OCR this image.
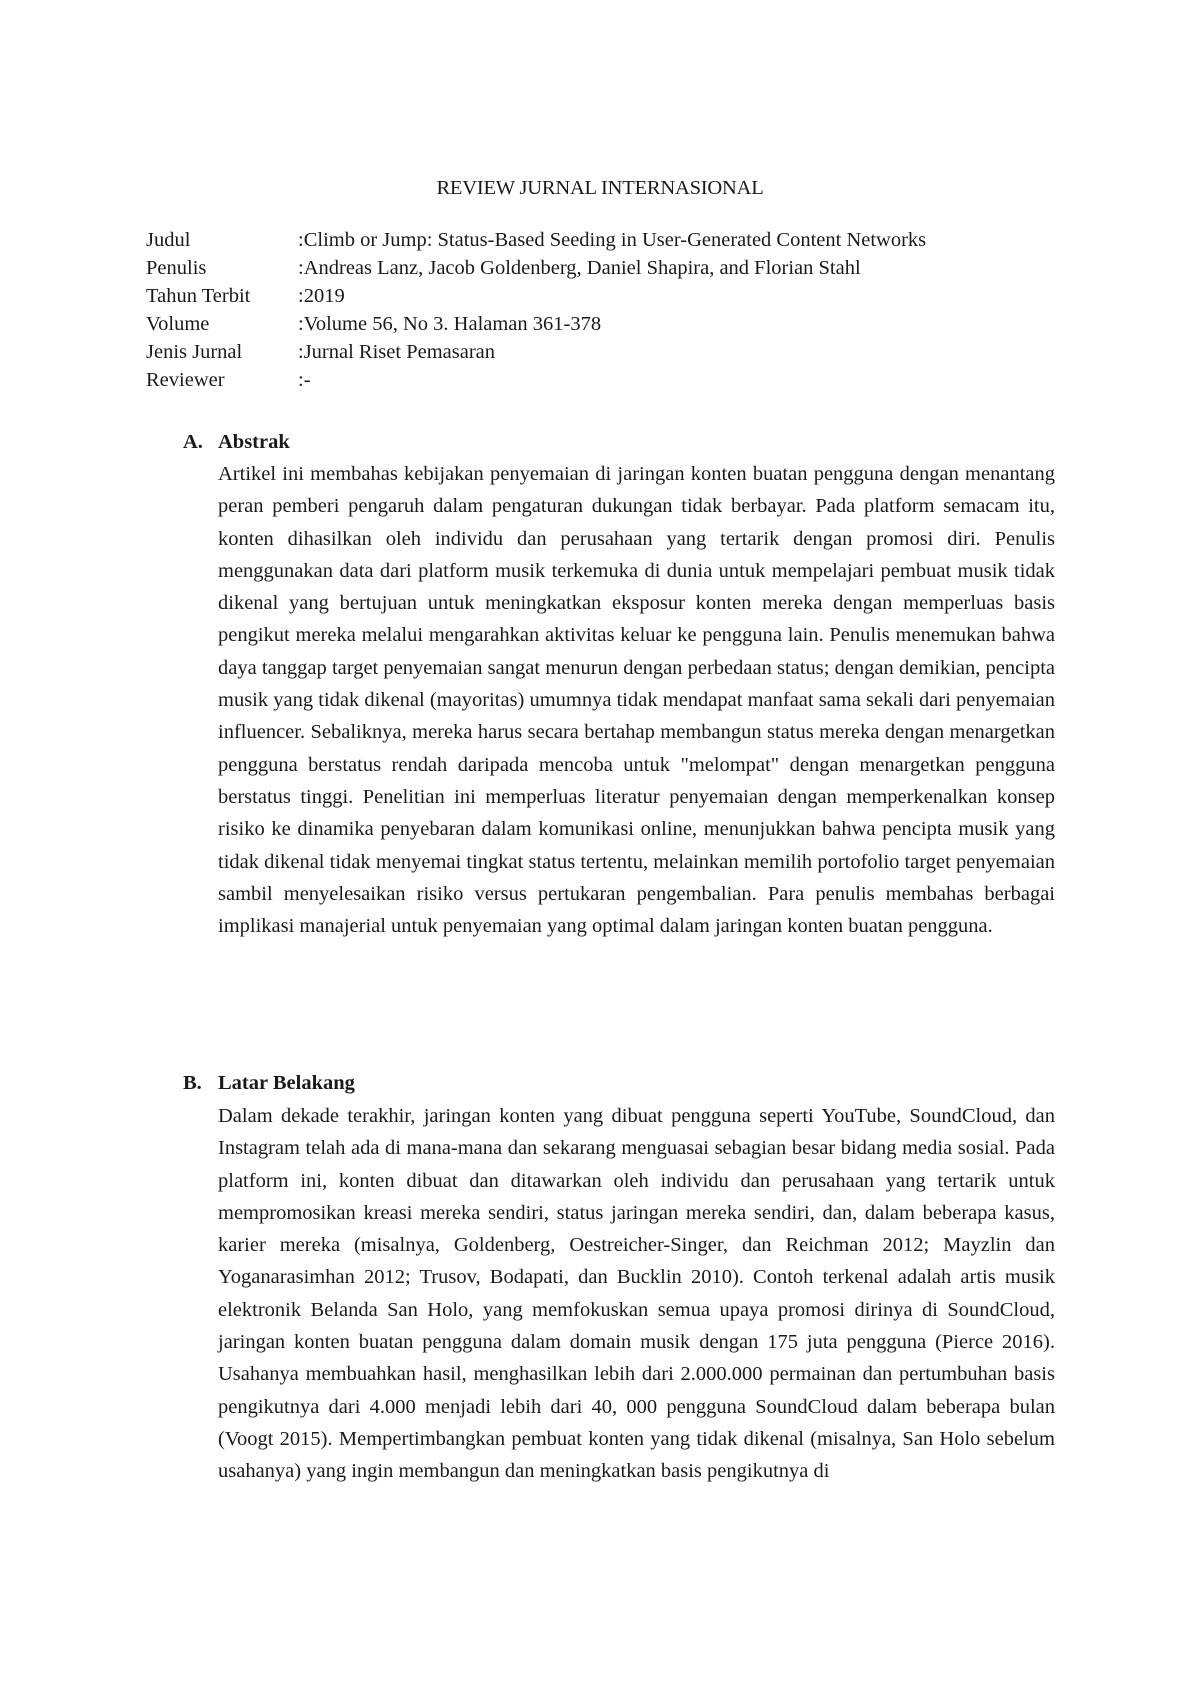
REVIEW JURNAL INTERNASIONAL
Judul	: Climb or Jump: Status-Based Seeding in User-Generated Content Networks
Penulis	: Andreas Lanz, Jacob Goldenberg, Daniel Shapira, and Florian Stahl
Tahun Terbit	: 2019
Volume	: Volume 56, No 3. Halaman 361-378
Jenis Jurnal	: Jurnal Riset Pemasaran
Reviewer	: -
A. Abstrak
Artikel ini membahas kebijakan penyemaian di jaringan konten buatan pengguna dengan menantang peran pemberi pengaruh dalam pengaturan dukungan tidak berbayar. Pada platform semacam itu, konten dihasilkan oleh individu dan perusahaan yang tertarik dengan promosi diri. Penulis menggunakan data dari platform musik terkemuka di dunia untuk mempelajari pembuat musik tidak dikenal yang bertujuan untuk meningkatkan eksposur konten mereka dengan memperluas basis pengikut mereka melalui mengarahkan aktivitas keluar ke pengguna lain. Penulis menemukan bahwa daya tanggap target penyemaian sangat menurun dengan perbedaan status; dengan demikian, pencipta musik yang tidak dikenal (mayoritas) umumnya tidak mendapat manfaat sama sekali dari penyemaian influencer. Sebaliknya, mereka harus secara bertahap membangun status mereka dengan menargetkan pengguna berstatus rendah daripada mencoba untuk "melompat" dengan menargetkan pengguna berstatus tinggi. Penelitian ini memperluas literatur penyemaian dengan memperkenalkan konsep risiko ke dinamika penyebaran dalam komunikasi online, menunjukkan bahwa pencipta musik yang tidak dikenal tidak menyemai tingkat status tertentu, melainkan memilih portofolio target penyemaian sambil menyelesaikan risiko versus pertukaran pengembalian. Para penulis membahas berbagai implikasi manajerial untuk penyemaian yang optimal dalam jaringan konten buatan pengguna.
B. Latar Belakang
Dalam dekade terakhir, jaringan konten yang dibuat pengguna seperti YouTube, SoundCloud, dan Instagram telah ada di mana-mana dan sekarang menguasai sebagian besar bidang media sosial. Pada platform ini, konten dibuat dan ditawarkan oleh individu dan perusahaan yang tertarik untuk mempromosikan kreasi mereka sendiri, status jaringan mereka sendiri, dan, dalam beberapa kasus, karier mereka (misalnya, Goldenberg, Oestreicher-Singer, dan Reichman 2012; Mayzlin dan Yoganarasimhan 2012; Trusov, Bodapati, dan Bucklin 2010). Contoh terkenal adalah artis musik elektronik Belanda San Holo, yang memfokuskan semua upaya promosi dirinya di SoundCloud, jaringan konten buatan pengguna dalam domain musik dengan 175 juta pengguna (Pierce 2016). Usahanya membuahkan hasil, menghasilkan lebih dari 2.000.000 permainan dan pertumbuhan basis pengikutnya dari 4.000 menjadi lebih dari 40, 000 pengguna SoundCloud dalam beberapa bulan (Voogt 2015). Mempertimbangkan pembuat konten yang tidak dikenal (misalnya, San Holo sebelum usahanya) yang ingin membangun dan meningkatkan basis pengikutnya di
